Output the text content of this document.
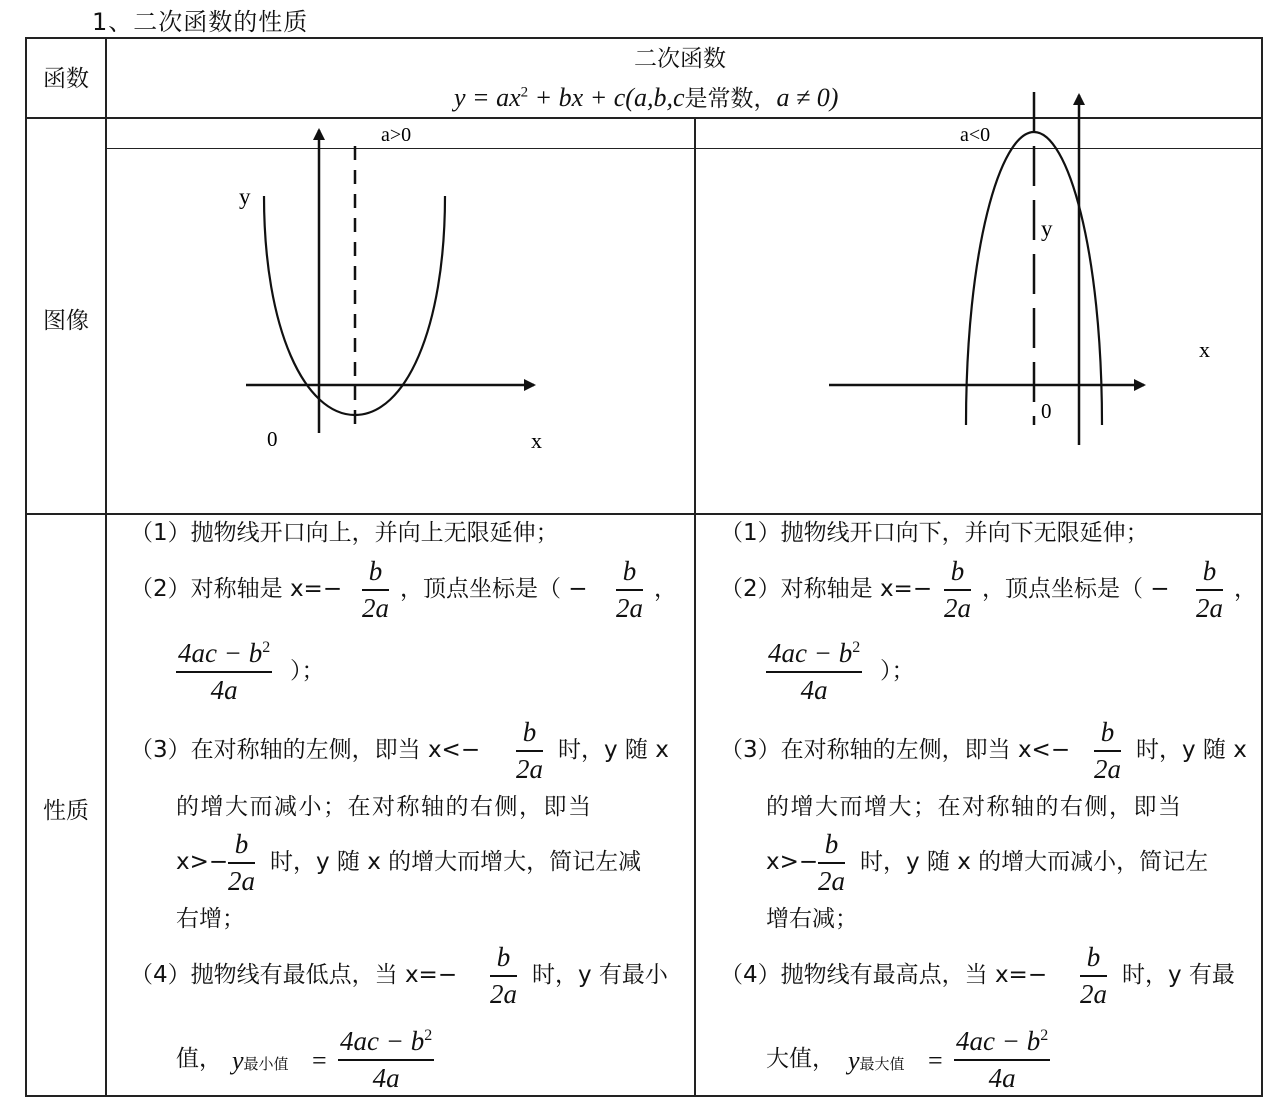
1、二次函数的性质
函数
图像
性质
二次函数
$y = ax^2$ + bx + c(a,b,c是常数，a ≠ 0)
a>0
y
x
0
a<0
y
x
0
（1）抛物线开口向上，并向上无限延伸；
（2）对称轴是 $x=- \frac{b}{2a}$ ，顶点坐标是（ − $\frac{b}{2a}$ ，
$\frac{4ac - b^2}{4a}$ ）；
（3）在对称轴的左侧，即当 $x<- \frac{b}{2a}$ 时，y 随 x
的增大而减小；在对称轴的右侧，即当
$x>- \frac{b}{2a}$ 时，y 随 x 的增大而增大，简记左减
右增；
（4）抛物线有最低点，当 $x=- \frac{b}{2a}$ 时，y 有最小
值， y最小值 = $\frac{4ac - b^2}{4a}$
（1）抛物线开口向下，并向下无限延伸；
（2）对称轴是 $x=- \frac{b}{2a}$ ，顶点坐标是（ − $\frac{b}{2a}$ ，
$\frac{4ac - b^2}{4a}$ ）；
（3）在对称轴的左侧，即当 $x<- \frac{b}{2a}$ 时，y 随 x
的增大而增大；在对称轴的右侧，即当
$x>- \frac{b}{2a}$ 时，y 随 x 的增大而减小，简记左
增右减；
（4）抛物线有最高点，当 $x=- \frac{b}{2a}$ 时，y 有最
大值， y最大值 = $\frac{4ac - b^2}{4a}$
